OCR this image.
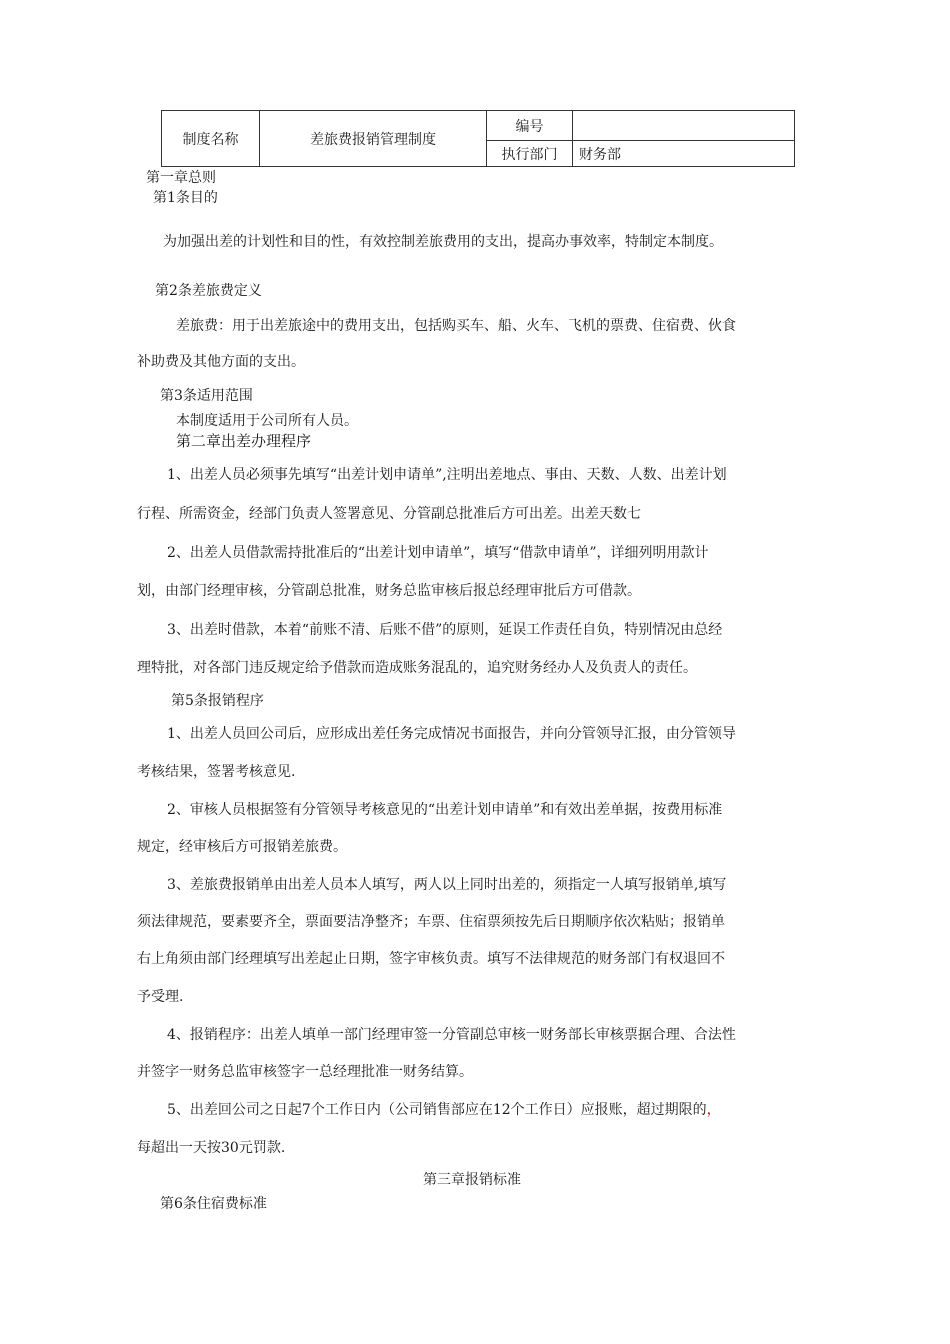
制度名称	差旅费报销管理制度	编号	
		执行部门	财务部
第一章总则
第1条目的
为加强出差的计划性和目的性，有效控制差旅费用的支出，提高办事效率，特制定本制度。
第2条差旅费定义
差旅费：用于出差旅途中的费用支出，包括购买车、船、火车、飞机的票费、住宿费、伙食
补助费及其他方面的支出。
第3条适用范围
本制度适用于公司所有人员。
第二章出差办理程序
1、出差人员必须事先填写“出差计划申请单”,注明出差地点、事由、天数、人数、出差计划
行程、所需资金，经部门负责人签署意见、分管副总批准后方可出差。出差天数七
2、出差人员借款需持批准后的“出差计划申请单”，填写“借款申请单”，详细列明用款计
划，由部门经理审核，分管副总批准，财务总监审核后报总经理审批后方可借款。
3、出差时借款，本着“前账不清、后账不借”的原则，延误工作责任自负，特别情况由总经
理特批，对各部门违反规定给予借款而造成账务混乱的，追究财务经办人及负责人的责任。
第5条报销程序
1、出差人员回公司后，应形成出差任务完成情况书面报告，并向分管领导汇报，由分管领导
考核结果，签署考核意见.
2、审核人员根据签有分管领导考核意见的“出差计划申请单”和有效出差单据，按费用标准
规定，经审核后方可报销差旅费。
3、差旅费报销单由出差人员本人填写，两人以上同时出差的，须指定一人填写报销单,填写
须法律规范，要素要齐全，票面要洁净整齐；车票、住宿票须按先后日期顺序依次粘贴；报销单
右上角须由部门经理填写出差起止日期，签字审核负责。填写不法律规范的财务部门有权退回不
予受理.
4、报销程序：出差人填单一部门经理审签一分管副总审核一财务部长审核票据合理、合法性
并签字一财务总监审核签字一总经理批准一财务结算。
5、出差回公司之日起7个工作日内（公司销售部应在12个工作日）应报账，超过期限的，
每超出一天按30元罚款.
第三章报销标准
第6条住宿费标准
